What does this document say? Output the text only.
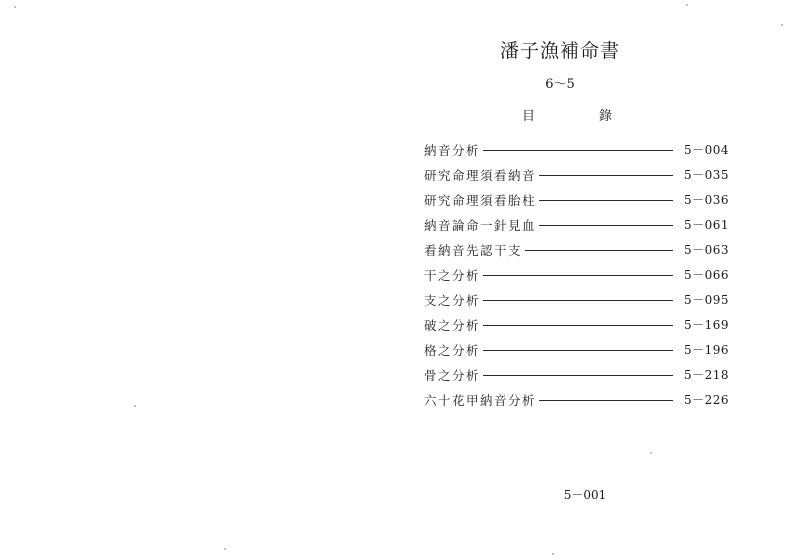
潘子漁補命書
6～5
目	錄
納音分析	5－004
研究命理須看納音	5－035
研究命理須看胎柱	5－036
納音論命一針見血	5－061
看納音先認干支	5－063
干之分析	5－066
支之分析	5－095
破之分析	5－169
格之分析	5－196
骨之分析	5－218
六十花甲納音分析	5－226
5－001
